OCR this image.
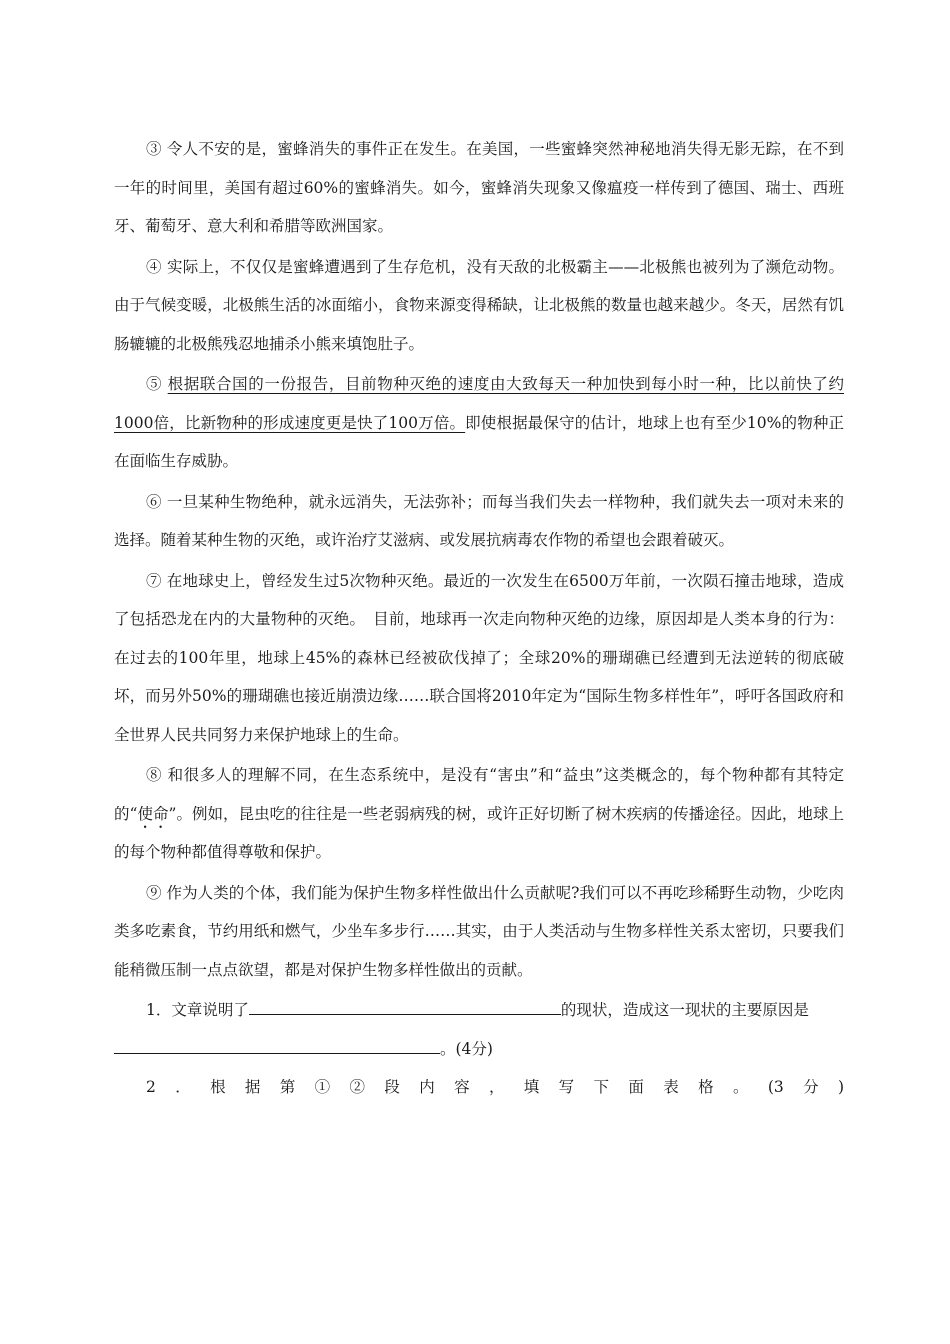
③ 令人不安的是，蜜蜂消失的事件正在发生。在美国，一些蜜蜂突然神秘地消失得无影无踪，在不到一年的时间里，美国有超过60%的蜜蜂消失。如今，蜜蜂消失现象又像瘟疫一样传到了德国、瑞士、西班牙、葡萄牙、意大利和希腊等欧洲国家。

④ 实际上，不仅仅是蜜蜂遭遇到了生存危机，没有天敌的北极霸主——北极熊也被列为了濒危动物。由于气候变暖，北极熊生活的冰面缩小，食物来源变得稀缺，让北极熊的数量也越来越少。冬天，居然有饥肠辘辘的北极熊残忍地捕杀小熊来填饱肚子。

⑤ 根据联合国的一份报告，目前物种灭绝的速度由大致每天一种加快到每小时一种，比以前快了约1000倍，比新物种的形成速度更是快了100万倍。即使根据最保守的估计，地球上也有至少10%的物种正在面临生存威胁。

⑥ 一旦某种生物绝种，就永远消失，无法弥补；而每当我们失去一样物种，我们就失去一项对未来的选择。随着某种生物的灭绝，或许治疗艾滋病、或发展抗病毒农作物的希望也会跟着破灭。

⑦ 在地球史上，曾经发生过5次物种灭绝。最近的一次发生在6500万年前，一次陨石撞击地球，造成了包括恐龙在内的大量物种的灭绝。　目前，地球再一次走向物种灭绝的边缘，原因却是人类本身的行为：在过去的100年里，地球上45%的森林已经被砍伐掉了；全球20%的珊瑚礁已经遭到无法逆转的彻底破坏，而另外50%的珊瑚礁也接近崩溃边缘……联合国将2010年定为“国际生物多样性年”，呼吁各国政府和全世界人民共同努力来保护地球上的生命。

⑧ 和很多人的理解不同，在生态系统中，是没有“害虫”和“益虫”这类概念的，每个物种都有其特定的“使命”。例如，昆虫吃的往往是一些老弱病残的树，或许正好切断了树木疾病的传播途径。因此，地球上的每个物种都值得尊敬和保护。

⑨ 作为人类的个体，我们能为保护生物多样性做出什么贡献呢?我们可以不再吃珍稀野生动物，少吃肉类多吃素食，节约用纸和燃气，少坐车多步行……其实，由于人类活动与生物多样性关系太密切，只要我们能稍微压制一点点欲望，都是对保护生物多样性做出的贡献。

1．文章说明了	的现状，造成这一现状的主要原因是。(4分)

2．根据第①②段内容，填写下面表格。(3分)
